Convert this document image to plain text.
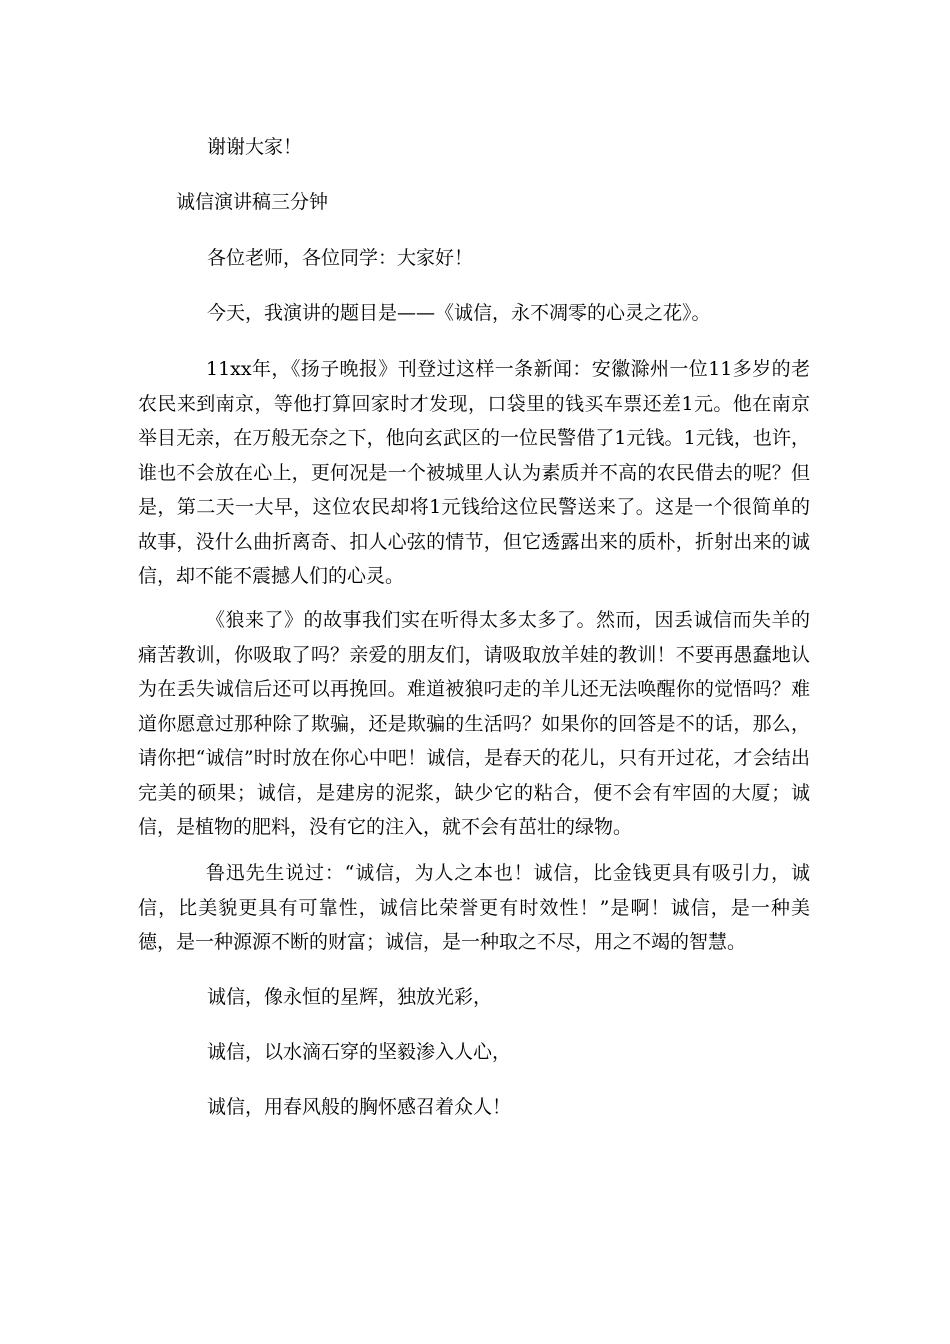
谢谢大家！
诚信演讲稿三分钟
各位老师，各位同学：大家好！
今天，我演讲的题目是——《诚信，永不凋零的心灵之花》。
11xx年，《扬子晚报》刊登过这样一条新闻：安徽滁州一位11多岁的老农民来到南京，等他打算回家时才发现，口袋里的钱买车票还差1元。他在南京举目无亲，在万般无奈之下，他向玄武区的一位民警借了1元钱。1元钱，也许，谁也不会放在心上，更何况是一个被城里人认为素质并不高的农民借去的呢？但是，第二天一大早，这位农民却将1元钱给这位民警送来了。这是一个很简单的故事，没什么曲折离奇、扣人心弦的情节，但它透露出来的质朴，折射出来的诚信，却不能不震撼人们的心灵。
《狼来了》的故事我们实在听得太多太多了。然而，因丢诚信而失羊的痛苦教训，你吸取了吗？亲爱的朋友们，请吸取放羊娃的教训！不要再愚蠢地认为在丢失诚信后还可以再挽回。难道被狼叼走的羊儿还无法唤醒你的觉悟吗？难道你愿意过那种除了欺骗，还是欺骗的生活吗？如果你的回答是不的话，那么，请你把“诚信”时时放在你心中吧！诚信，是春天的花儿，只有开过花，才会结出完美的硕果；诚信，是建房的泥浆，缺少它的粘合，便不会有牢固的大厦；诚信，是植物的肥料，没有它的注入，就不会有茁壮的绿物。
鲁迅先生说过：“诚信，为人之本也！诚信，比金钱更具有吸引力，诚信，比美貌更具有可靠性，诚信比荣誉更有时效性！”是啊！诚信，是一种美德，是一种源源不断的财富；诚信，是一种取之不尽，用之不竭的智慧。
诚信，像永恒的星辉，独放光彩，
诚信，以水滴石穿的坚毅渗入人心，
诚信，用春风般的胸怀感召着众人！
